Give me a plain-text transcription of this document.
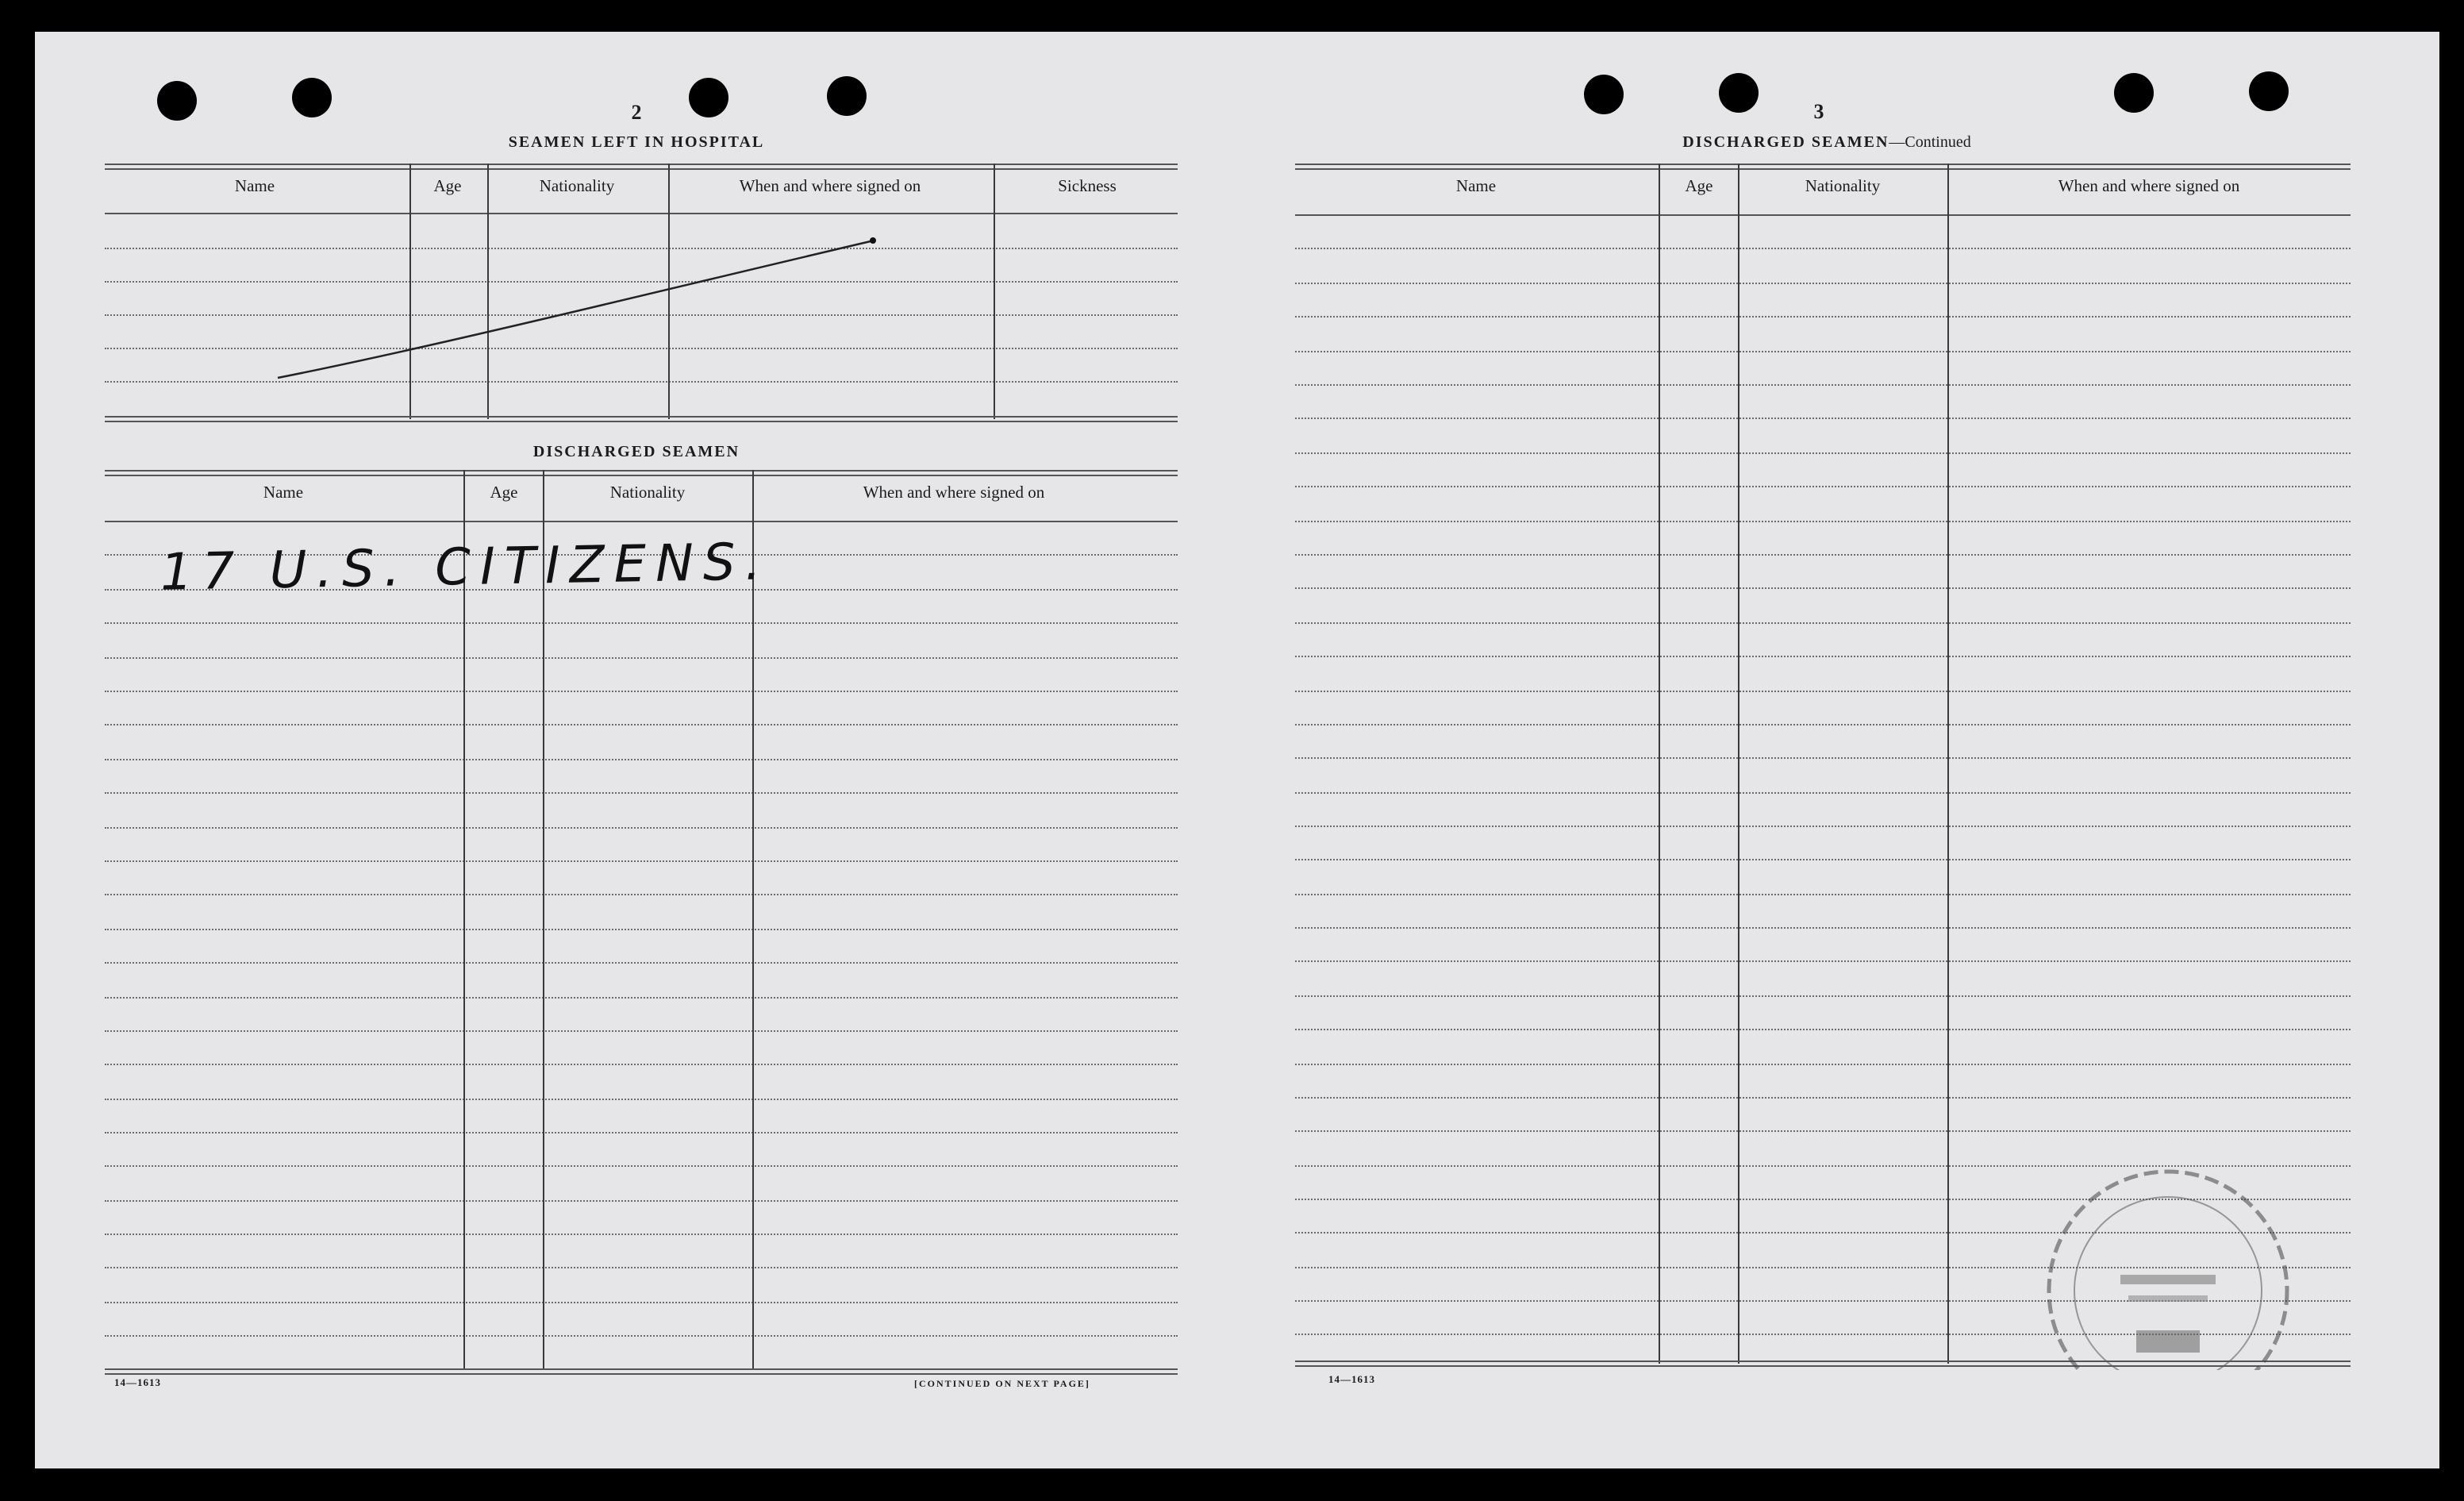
2
SEAMEN LEFT IN HOSPITAL
Name	Age	Nationality	When and where signed on	Sickness
DISCHARGED SEAMEN
Name	Age	Nationality	When and where signed on
17 U.S. CITIZENS.
14—1613	[CONTINUED ON NEXT PAGE]
3
DISCHARGED SEAMEN—Continued
Name	Age	Nationality	When and where signed on
14—1613
